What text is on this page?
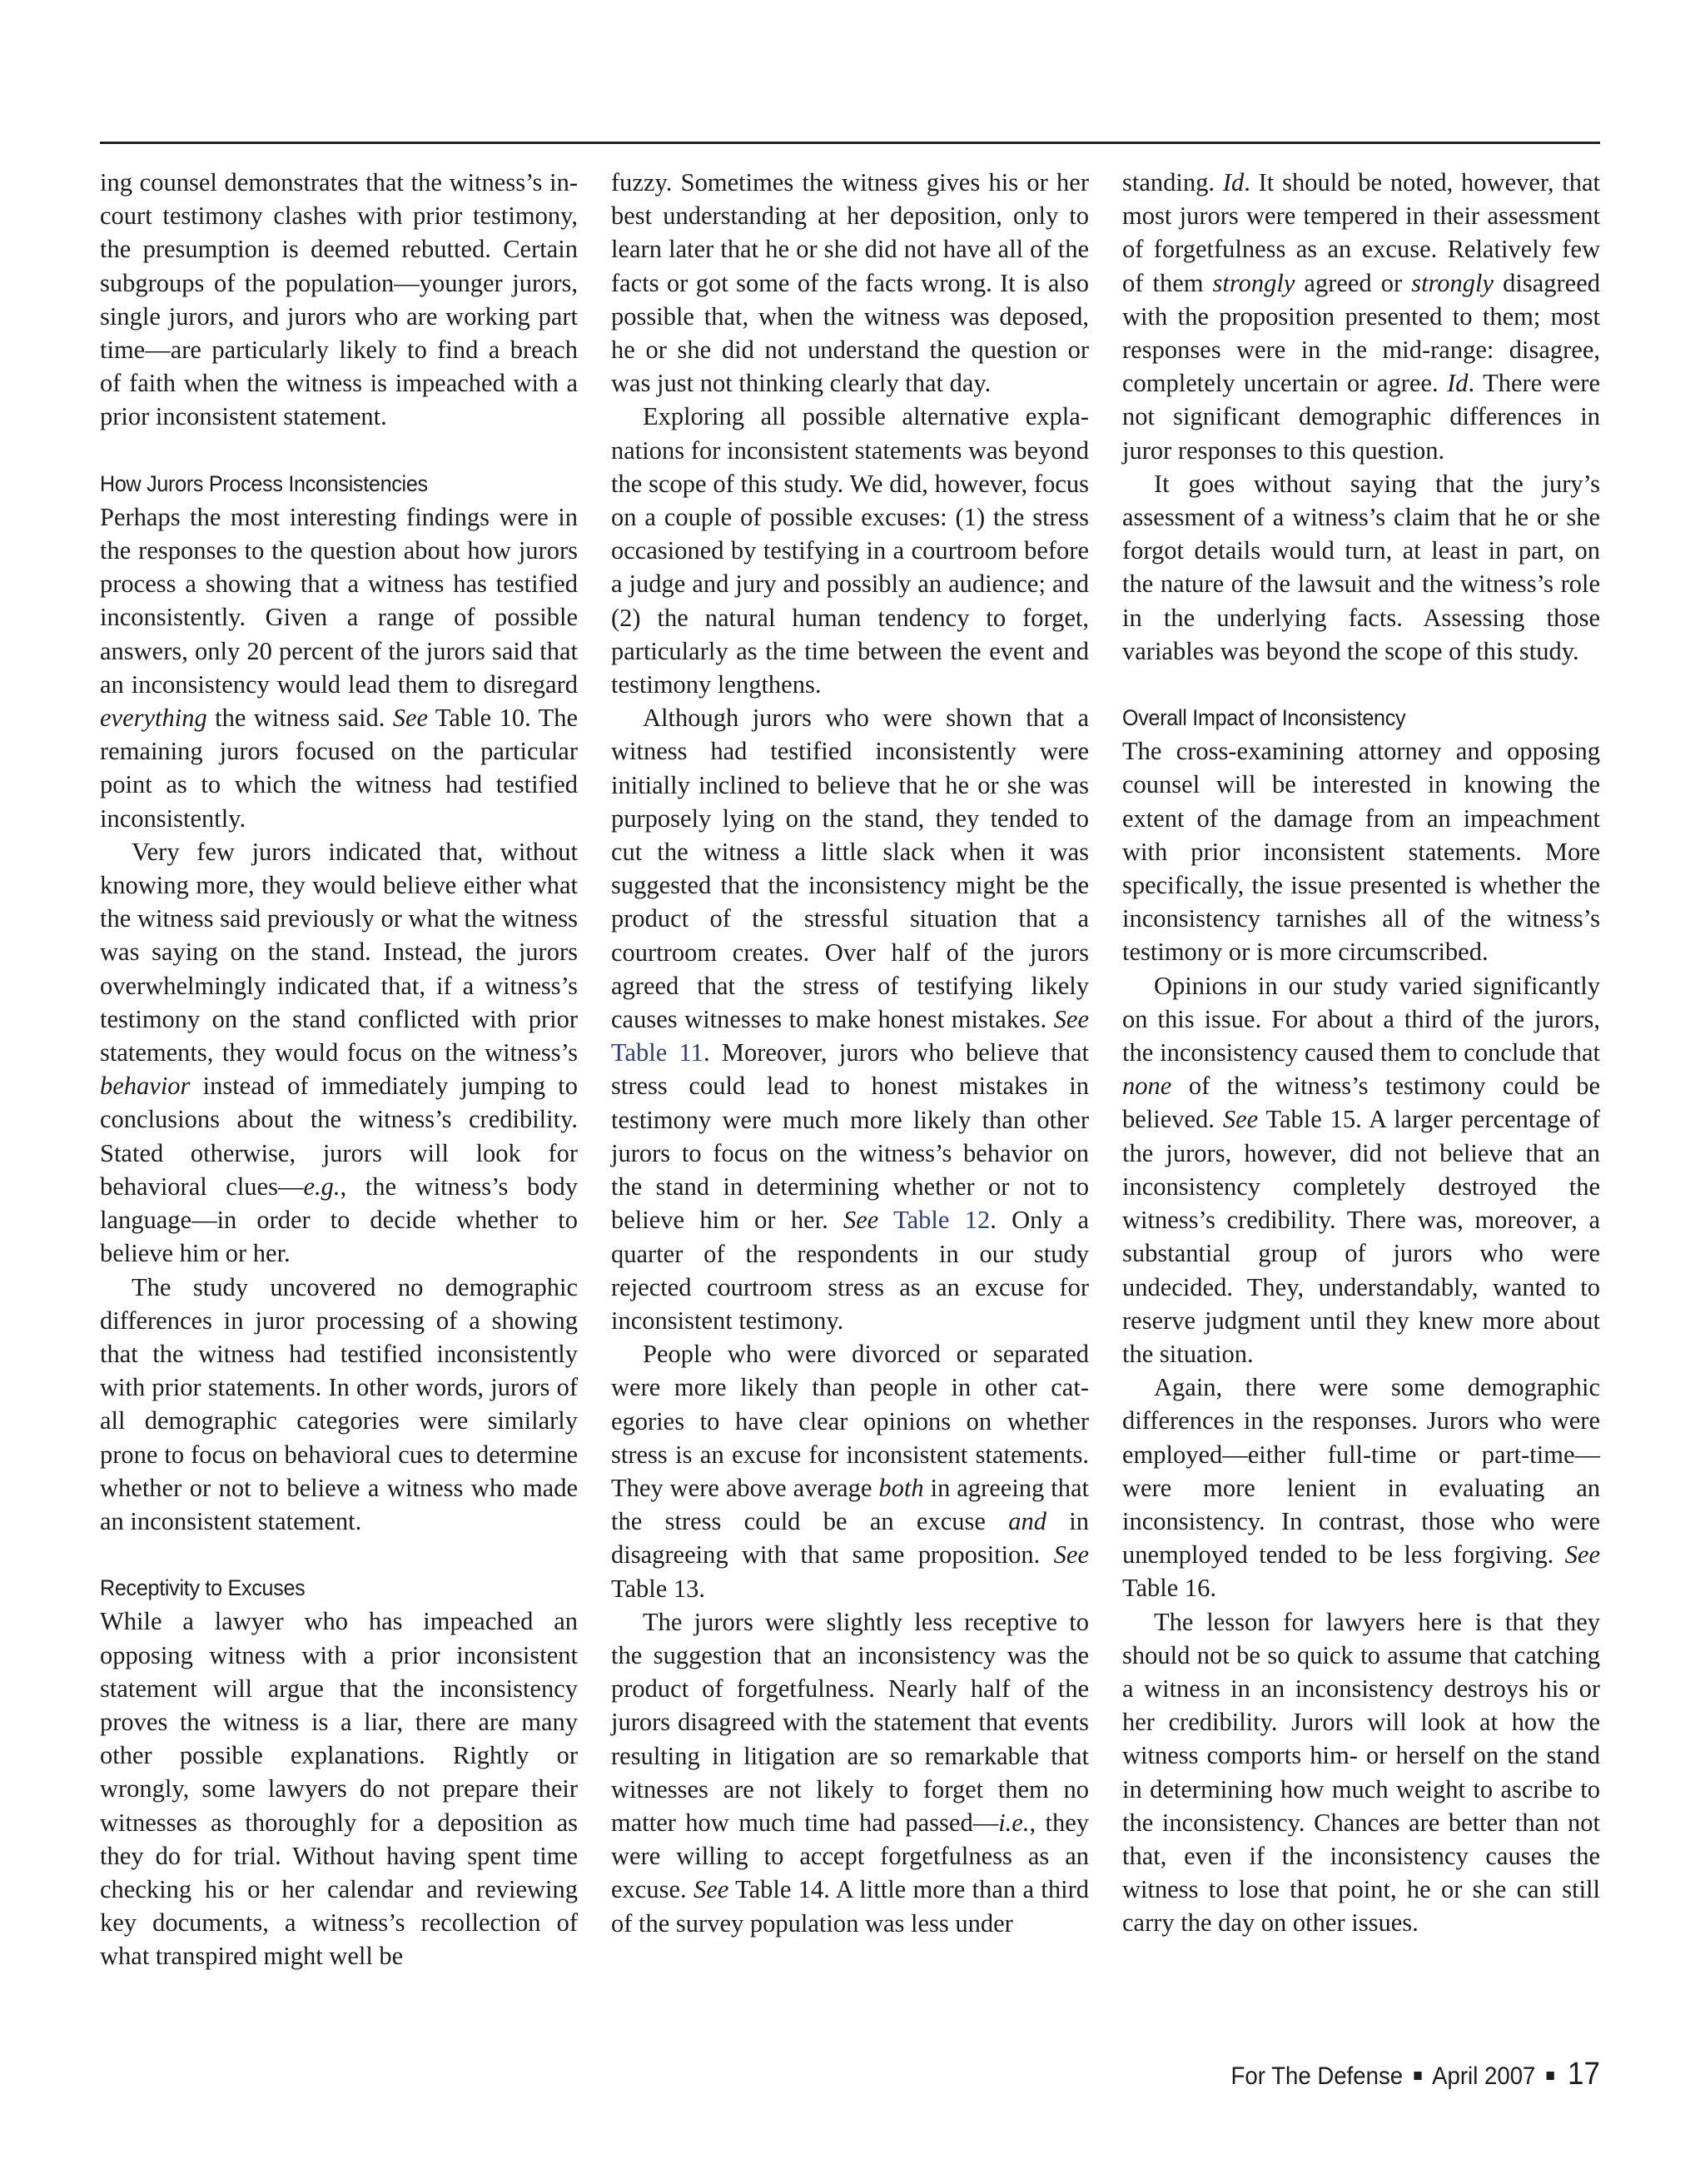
ing counsel demonstrates that the witness’s in-court testimony clashes with prior testimony, the presumption is deemed rebutted. Certain subgroups of the population—younger jurors, single jurors, and jurors who are working part time—are particularly likely to find a breach of faith when the witness is impeached with a prior inconsistent statement.

How Jurors Process Inconsistencies

Perhaps the most interesting findings were in the responses to the question about how jurors process a showing that a witness has testified inconsistently. Given a range of possible answers, only 20 percent of the jurors said that an inconsistency would lead them to disregard everything the witness said. See Table 10. The remaining jurors focused on the particular point as to which the witness had testified inconsistently.

Very few jurors indicated that, without knowing more, they would believe either what the witness said previously or what the witness was saying on the stand. Instead, the jurors overwhelmingly indicated that, if a witness’s testimony on the stand conflicted with prior statements, they would focus on the witness’s behavior instead of immediately jumping to conclusions about the witness’s credibility. Stated otherwise, jurors will look for behavioral clues—e.g., the witness’s body language—in order to decide whether to believe him or her.

The study uncovered no demographic differences in juror processing of a showing that the witness had testified inconsistently with prior statements. In other words, jurors of all demographic categories were similarly prone to focus on behavioral cues to determine whether or not to believe a witness who made an inconsistent statement.

Receptivity to Excuses

While a lawyer who has impeached an opposing witness with a prior inconsistent statement will argue that the inconsistency proves the witness is a liar, there are many other possible explanations. Rightly or wrongly, some lawyers do not prepare their witnesses as thoroughly for a deposition as they do for trial. Without having spent time checking his or her calendar and reviewing key documents, a witness’s recollection of what transpired might well be

fuzzy. Sometimes the witness gives his or her best understanding at her deposition, only to learn later that he or she did not have all of the facts or got some of the facts wrong. It is also possible that, when the witness was deposed, he or she did not understand the question or was just not thinking clearly that day.

Exploring all possible alternative explanations for inconsistent statements was beyond the scope of this study. We did, however, focus on a couple of possible excuses: (1) the stress occasioned by testifying in a courtroom before a judge and jury and possibly an audience; and (2) the natural human tendency to forget, particularly as the time between the event and testimony lengthens.

Although jurors who were shown that a witness had testified inconsistently were initially inclined to believe that he or she was purposely lying on the stand, they tended to cut the witness a little slack when it was suggested that the inconsistency might be the product of the stressful situation that a courtroom creates. Over half of the jurors agreed that the stress of testifying likely causes witnesses to make honest mistakes. See Table 11. Moreover, jurors who believe that stress could lead to honest mistakes in testimony were much more likely than other jurors to focus on the witness’s behavior on the stand in determining whether or not to believe him or her. See Table 12. Only a quarter of the respondents in our study rejected courtroom stress as an excuse for inconsistent testimony.

People who were divorced or separated were more likely than people in other categories to have clear opinions on whether stress is an excuse for inconsistent statements. They were above average both in agreeing that the stress could be an excuse and in disagreeing with that same proposition. See Table 13.

The jurors were slightly less receptive to the suggestion that an inconsistency was the product of forgetfulness. Nearly half of the jurors disagreed with the statement that events resulting in litigation are so remarkable that witnesses are not likely to forget them no matter how much time had passed—i.e., they were willing to accept forgetfulness as an excuse. See Table 14. A little more than a third of the survey population was less under

standing. Id. It should be noted, however, that most jurors were tempered in their assessment of forgetfulness as an excuse. Relatively few of them strongly agreed or strongly disagreed with the proposition presented to them; most responses were in the mid-range: disagree, completely uncertain or agree. Id. There were not significant demographic differences in juror responses to this question.

It goes without saying that the jury’s assessment of a witness’s claim that he or she forgot details would turn, at least in part, on the nature of the lawsuit and the witness’s role in the underlying facts. Assessing those variables was beyond the scope of this study.

Overall Impact of Inconsistency

The cross-examining attorney and opposing counsel will be interested in knowing the extent of the damage from an impeachment with prior inconsistent statements. More specifically, the issue presented is whether the inconsistency tarnishes all of the witness’s testimony or is more circumscribed.

Opinions in our study varied significantly on this issue. For about a third of the jurors, the inconsistency caused them to conclude that none of the witness’s testimony could be believed. See Table 15. A larger percentage of the jurors, however, did not believe that an inconsistency completely destroyed the witness’s credibility. There was, moreover, a substantial group of jurors who were undecided. They, understandably, wanted to reserve judgment until they knew more about the situation.

Again, there were some demographic differences in the responses. Jurors who were employed—either full-time or part-time—were more lenient in evaluating an inconsistency. In contrast, those who were unemployed tended to be less forgiving. See Table 16.

The lesson for lawyers here is that they should not be so quick to assume that catching a witness in an inconsistency destroys his or her credibility. Jurors will look at how the witness comports him- or herself on the stand in determining how much weight to ascribe to the inconsistency. Chances are better than not that, even if the inconsistency causes the witness to lose that point, he or she can still carry the day on other issues.

For The Defense April 2007 17
